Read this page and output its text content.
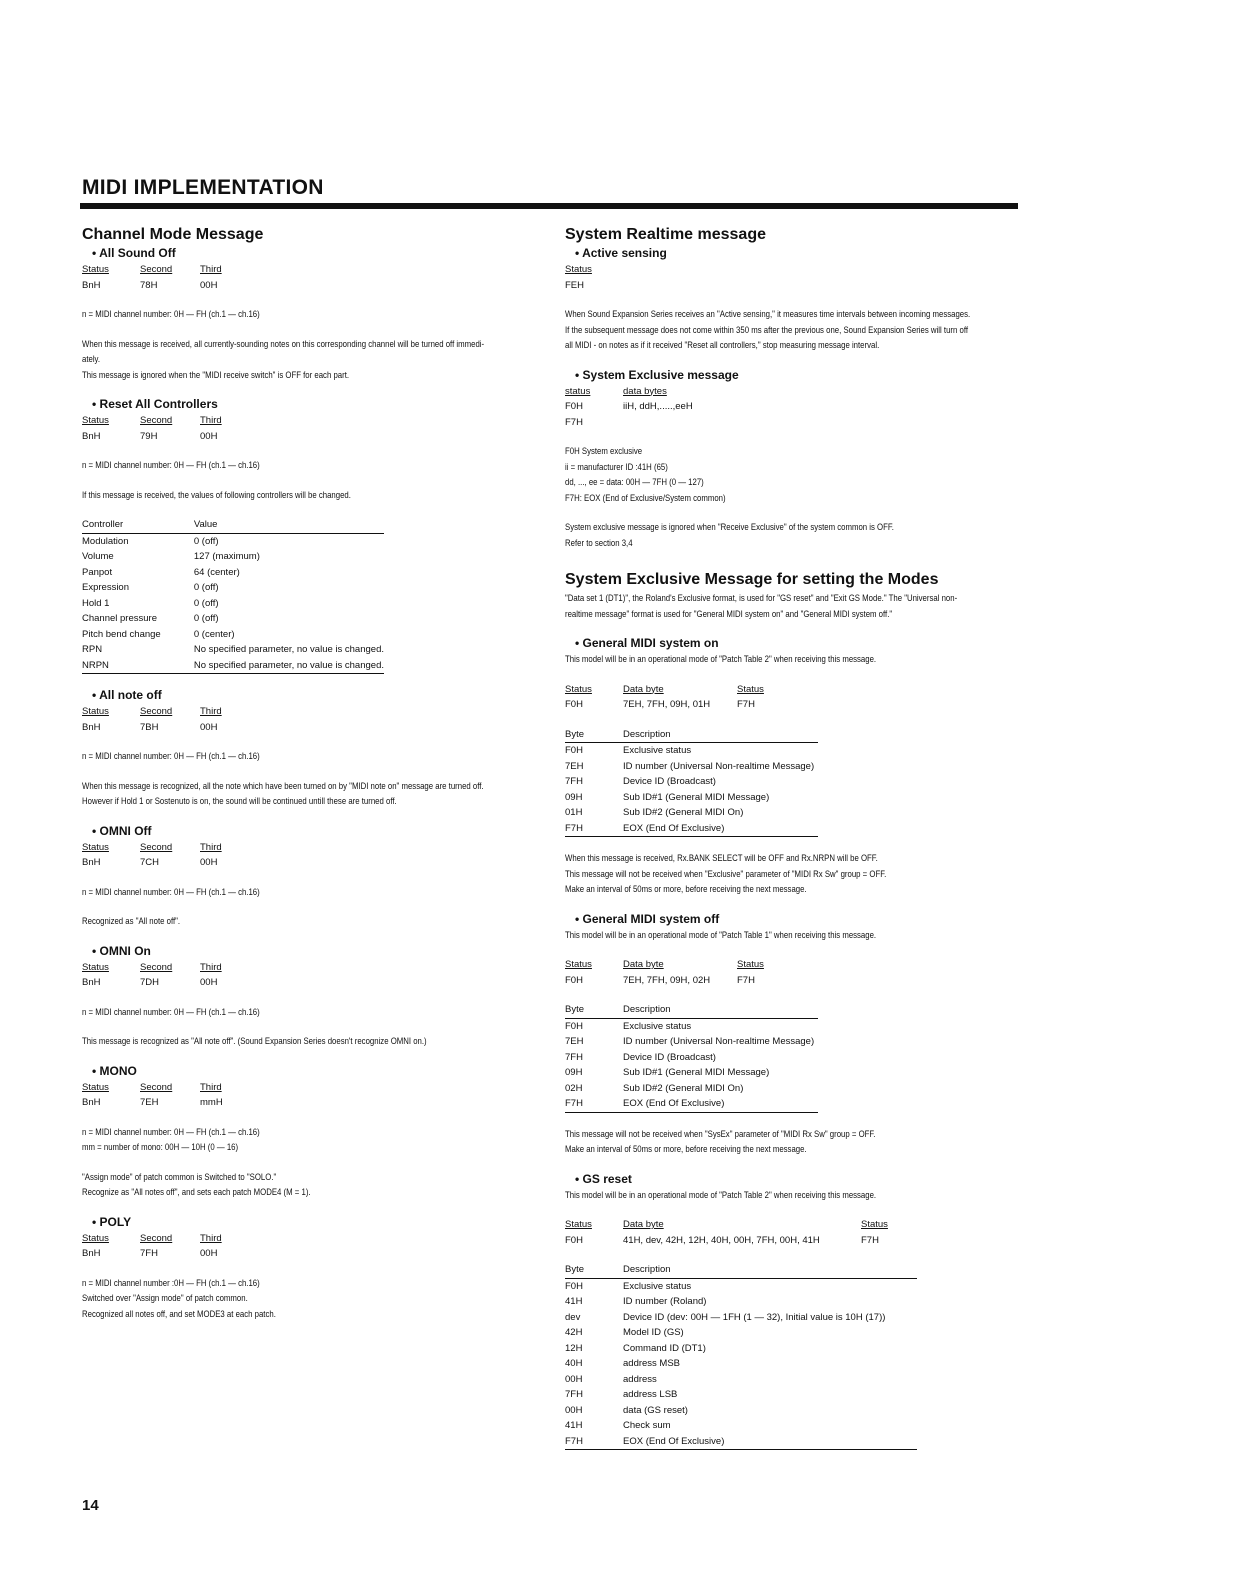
MIDI IMPLEMENTATION
Channel Mode Message
• All Sound Off
Status	Second	Third
BnH	78H	00H
n = MIDI channel number: 0H — FH (ch.1 — ch.16)
When this message is received, all currently-sounding notes on this corresponding channel will be turned off immedi-
ately.
This message is ignored when the "MIDI receive switch" is OFF for each part.
• Reset All Controllers
Status	Second	Third
BnH	79H	00H
n = MIDI channel number: 0H — FH (ch.1 — ch.16)
If this message is received, the values of following controllers will be changed.
Controller	Value
Modulation	0 (off)
Volume	127 (maximum)
Panpot	64 (center)
Expression	0 (off)
Hold 1	0 (off)
Channel pressure	0 (off)
Pitch bend change	0 (center)
RPN	No specified parameter, no value is changed.
NRPN	No specified parameter, no value is changed.
• All note off
Status	Second	Third
BnH	7BH	00H
n = MIDI channel number: 0H — FH (ch.1 — ch.16)
When this message is recognized, all the note which have been turned on by "MIDI note on" message are turned off.
However if Hold 1 or Sostenuto is on, the sound will be continued untill these are turned off.
• OMNI Off
Status	Second	Third
BnH	7CH	00H
n = MIDI channel number: 0H — FH (ch.1 — ch.16)
Recognized as "All note off".
• OMNI On
Status	Second	Third
BnH	7DH	00H
n = MIDI channel number: 0H — FH (ch.1 — ch.16)
This message is recognized as "All note off". (Sound Expansion Series doesn't recognize OMNI on.)
• MONO
Status	Second	Third
BnH	7EH	mmH
n = MIDI channel number: 0H — FH (ch.1 — ch.16)
mm = number of mono: 00H — 10H (0 — 16)
"Assign mode" of patch common is Switched to "SOLO."
Recognize as "All notes off", and sets each patch MODE4 (M = 1).
• POLY
Status	Second	Third
BnH	7FH	00H
n = MIDI channel number :0H — FH (ch.1 — ch.16)
Switched over "Assign mode" of patch common.
Recognized all notes off, and set MODE3 at each patch.
System Realtime message
• Active sensing
Status
FEH
When Sound Expansion Series receives an "Active sensing," it measures time intervals between incoming messages.
If the subsequent message does not come within 350 ms after the previous one, Sound Expansion Series will turn off
all MIDI - on notes as if it received "Reset all controllers," stop measuring message interval.
• System Exclusive message
status	data bytes
F0H	iiH, ddH,.....,eeH
F7H	
F0H System exclusive
ii = manufacturer ID :41H (65)
dd, ..., ee = data: 00H — 7FH (0 — 127)
F7H: EOX (End of Exclusive/System common)
System exclusive message is ignored when "Receive Exclusive" of the system common is OFF.
Refer to section 3,4
System Exclusive Message for setting the Modes
"Data set 1 (DT1)", the Roland's Exclusive format, is used for "GS reset" and "Exit GS Mode." The "Universal non-
realtime message" format is used for "General MIDI system on" and "General MIDI system off."
• General MIDI system on
This model will be in an operational mode of "Patch Table 2" when receiving this message.
Status	Data byte	Status
F0H	7EH, 7FH, 09H, 01H	F7H
Byte	Description
F0H	Exclusive status
7EH	ID number (Universal Non-realtime Message)
7FH	Device ID (Broadcast)
09H	Sub ID#1 (General MIDI Message)
01H	Sub ID#2 (General MIDI On)
F7H	EOX (End Of Exclusive)
When this message is received, Rx.BANK SELECT will be OFF and Rx.NRPN will be OFF.
This message will not be received when "Exclusive" parameter of "MIDI Rx Sw" group = OFF.
Make an interval of 50ms or more, before receiving the next message.
• General MIDI system off
This model will be in an operational mode of "Patch Table 1" when receiving this message.
Status	Data byte	Status
F0H	7EH, 7FH, 09H, 02H	F7H
Byte	Description
F0H	Exclusive status
7EH	ID number (Universal Non-realtime Message)
7FH	Device ID (Broadcast)
09H	Sub ID#1 (General MIDI Message)
02H	Sub ID#2 (General MIDI On)
F7H	EOX (End Of Exclusive)
This message will not be received when "SysEx" parameter of "MIDI Rx Sw" group = OFF.
Make an interval of 50ms or more, before receiving the next message.
• GS reset
This model will be in an operational mode of "Patch Table 2" when receiving this message.
Status	Data byte	Status
F0H	41H, dev, 42H, 12H, 40H, 00H, 7FH, 00H, 41H	F7H
Byte	Description
F0H	Exclusive status
41H	ID number (Roland)
dev	Device ID (dev: 00H — 1FH (1 — 32), Initial value is 10H (17))
42H	Model ID (GS)
12H	Command ID (DT1)
40H	address MSB
00H	address
7FH	address LSB
00H	data (GS reset)
41H	Check sum
F7H	EOX (End Of Exclusive)
14
